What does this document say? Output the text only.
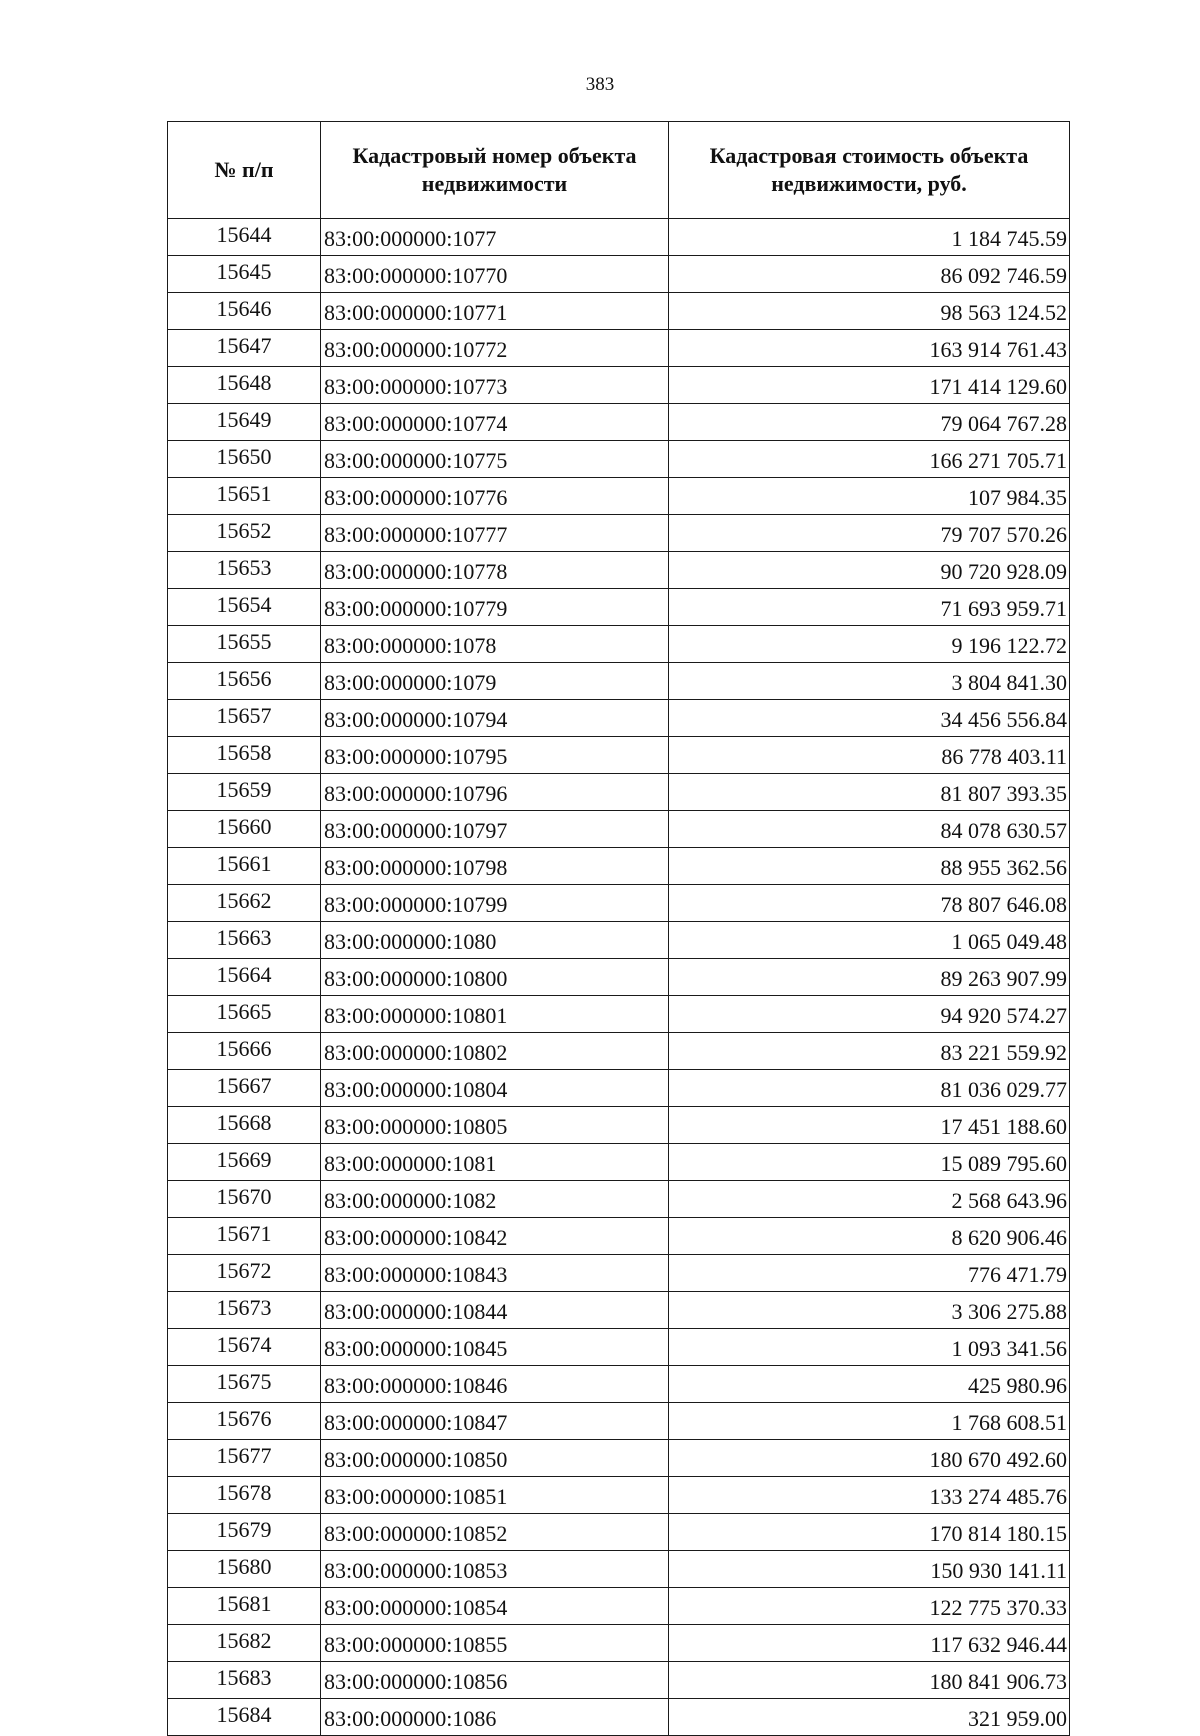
383
№ п/п	Кадастровый номер объекта недвижимости	Кадастровая стоимость объекта недвижимости, руб.
15644	83:00:000000:1077	1 184 745.59
15645	83:00:000000:10770	86 092 746.59
15646	83:00:000000:10771	98 563 124.52
15647	83:00:000000:10772	163 914 761.43
15648	83:00:000000:10773	171 414 129.60
15649	83:00:000000:10774	79 064 767.28
15650	83:00:000000:10775	166 271 705.71
15651	83:00:000000:10776	107 984.35
15652	83:00:000000:10777	79 707 570.26
15653	83:00:000000:10778	90 720 928.09
15654	83:00:000000:10779	71 693 959.71
15655	83:00:000000:1078	9 196 122.72
15656	83:00:000000:1079	3 804 841.30
15657	83:00:000000:10794	34 456 556.84
15658	83:00:000000:10795	86 778 403.11
15659	83:00:000000:10796	81 807 393.35
15660	83:00:000000:10797	84 078 630.57
15661	83:00:000000:10798	88 955 362.56
15662	83:00:000000:10799	78 807 646.08
15663	83:00:000000:1080	1 065 049.48
15664	83:00:000000:10800	89 263 907.99
15665	83:00:000000:10801	94 920 574.27
15666	83:00:000000:10802	83 221 559.92
15667	83:00:000000:10804	81 036 029.77
15668	83:00:000000:10805	17 451 188.60
15669	83:00:000000:1081	15 089 795.60
15670	83:00:000000:1082	2 568 643.96
15671	83:00:000000:10842	8 620 906.46
15672	83:00:000000:10843	776 471.79
15673	83:00:000000:10844	3 306 275.88
15674	83:00:000000:10845	1 093 341.56
15675	83:00:000000:10846	425 980.96
15676	83:00:000000:10847	1 768 608.51
15677	83:00:000000:10850	180 670 492.60
15678	83:00:000000:10851	133 274 485.76
15679	83:00:000000:10852	170 814 180.15
15680	83:00:000000:10853	150 930 141.11
15681	83:00:000000:10854	122 775 370.33
15682	83:00:000000:10855	117 632 946.44
15683	83:00:000000:10856	180 841 906.73
15684	83:00:000000:1086	321 959.00
